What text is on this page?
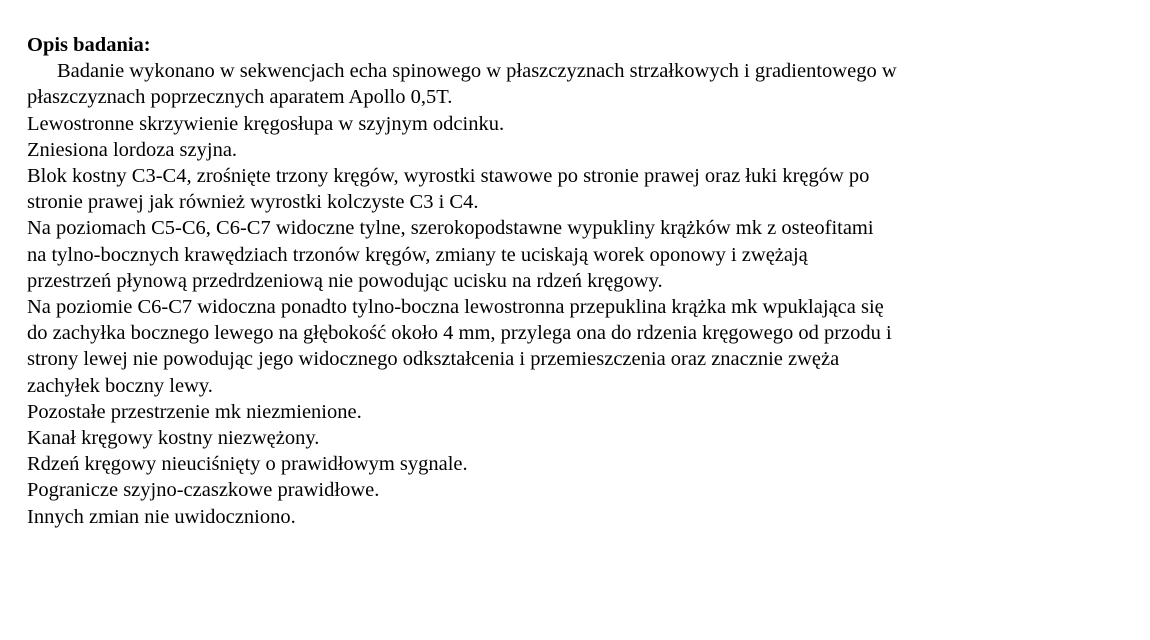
Opis badania:

Badanie wykonano w sekwencjach echa spinowego w płaszczyznach strzałkowych i gradientowego w

płaszczyznach poprzecznych aparatem Apollo 0,5T.

Lewostronne skrzywienie kręgosłupa w szyjnym odcinku.

Zniesiona lordoza szyjna.

Blok kostny C3-C4, zrośnięte trzony kręgów, wyrostki stawowe po stronie prawej oraz łuki kręgów po

stronie prawej jak również wyrostki kolczyste C3 i C4.

Na poziomach C5-C6, C6-C7 widoczne tylne, szerokopodstawne wypukliny krążków mk z osteofitami

na tylno-bocznych krawędziach trzonów kręgów, zmiany te uciskają worek oponowy i zwężają

przestrzeń płynową przedrdzeniową nie powodując ucisku na rdzeń kręgowy.

Na poziomie C6-C7 widoczna ponadto tylno-boczna lewostronna przepuklina krążka mk wpuklająca się

do zachyłka bocznego lewego na głębokość około 4 mm, przylega ona do rdzenia kręgowego od przodu i

strony lewej nie powodując jego widocznego odkształcenia i przemieszczenia oraz znacznie zwęża

zachyłek boczny lewy.

Pozostałe przestrzenie mk niezmienione.

Kanał kręgowy kostny niezwężony.

Rdzeń kręgowy nieuciśnięty o prawidłowym sygnale.

Pogranicze szyjno-czaszkowe prawidłowe.

Innych zmian nie uwidoczniono.
